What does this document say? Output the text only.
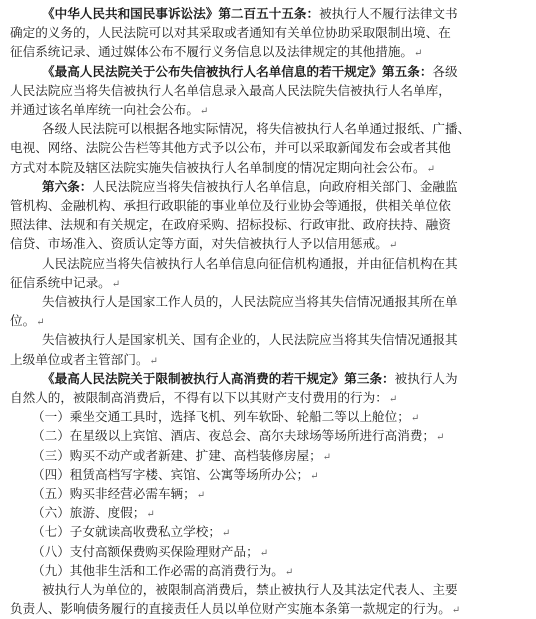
《中华人民共和国民事诉讼法》第二百五十五条：被执行人不履行法律文书
确定的义务的，人民法院可以对其采取或者通知有关单位协助采取限制出境、在
征信系统记录、通过媒体公布不履行义务信息以及法律规定的其他措施。↵
《最高人民法院关于公布失信被执行人名单信息的若干规定》第五条：各级
人民法院应当将失信被执行人名单信息录入最高人民法院失信被执行人名单库，
并通过该名单库统一向社会公布。↵
各级人民法院可以根据各地实际情况，将失信被执行人名单通过报纸、广播、
电视、网络、法院公告栏等其他方式予以公布，并可以采取新闻发布会或者其他
方式对本院及辖区法院实施失信被执行人名单制度的情况定期向社会公布。↵
第六条：人民法院应当将失信被执行人名单信息，向政府相关部门、金融监
管机构、金融机构、承担行政职能的事业单位及行业协会等通报，供相关单位依
照法律、法规和有关规定，在政府采购、招标投标、行政审批、政府扶持、融资
信贷、市场准入、资质认定等方面，对失信被执行人予以信用惩戒。↵
人民法院应当将失信被执行人名单信息向征信机构通报，并由征信机构在其
征信系统中记录。↵
失信被执行人是国家工作人员的，人民法院应当将其失信情况通报其所在单
位。↵
失信被执行人是国家机关、国有企业的，人民法院应当将其失信情况通报其
上级单位或者主管部门。↵
《最高人民法院关于限制被执行人高消费的若干规定》第三条：被执行人为
自然人的，被限制高消费后，不得有以下以其财产支付费用的行为：↵
（一）乘坐交通工具时，选择飞机、列车软卧、轮船二等以上舱位；↵
（二）在星级以上宾馆、酒店、夜总会、高尔夫球场等场所进行高消费；↵
（三）购买不动产或者新建、扩建、高档装修房屋；↵
（四）租赁高档写字楼、宾馆、公寓等场所办公；↵
（五）购买非经营必需车辆；↵
（六）旅游、度假；↵
（七）子女就读高收费私立学校；↵
（八）支付高额保费购买保险理财产品；↵
（九）其他非生活和工作必需的高消费行为。↵
被执行人为单位的，被限制高消费后，禁止被执行人及其法定代表人、主要
负责人、影响债务履行的直接责任人员以单位财产实施本条第一款规定的行为。↵
